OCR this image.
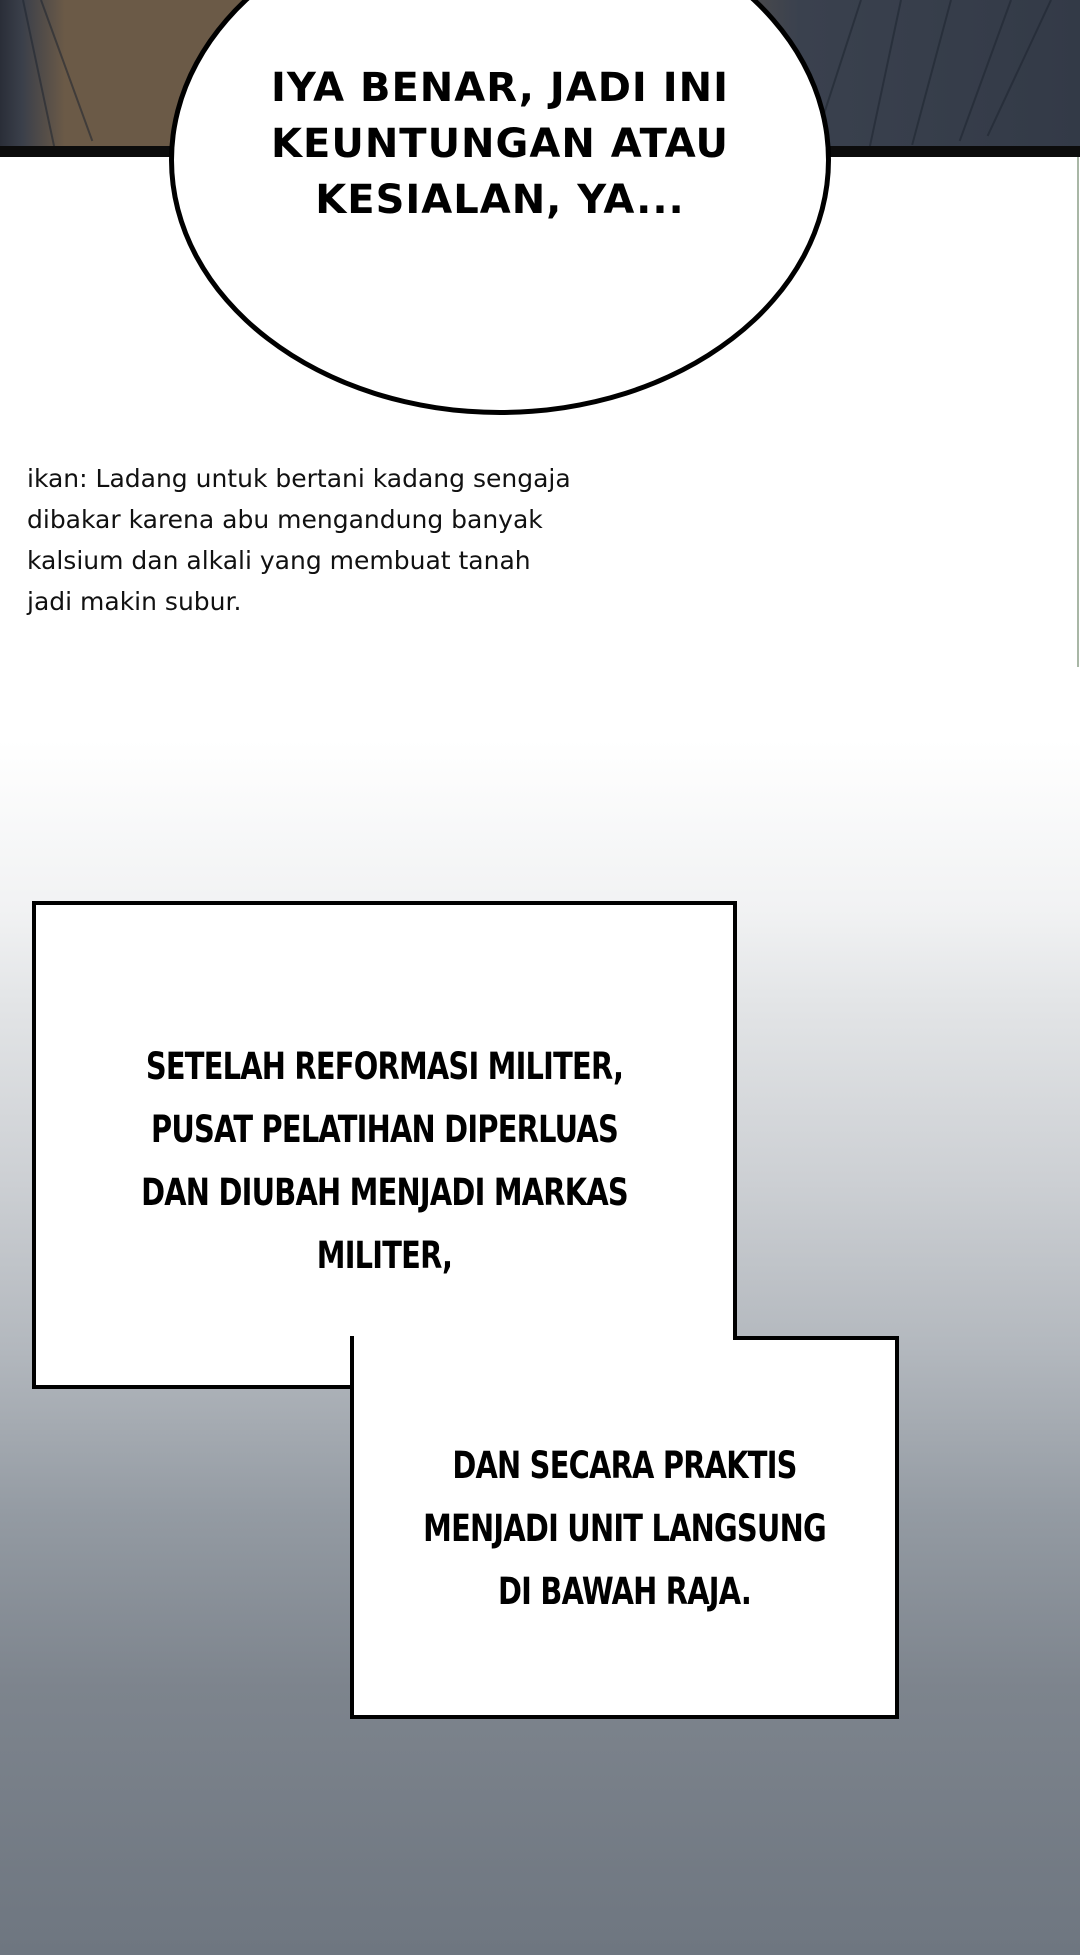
IYA BENAR, JADI INI
KEUNTUNGAN ATAU
KESIALAN, YA...
ikan: Ladang untuk bertani kadang sengaja
dibakar karena abu mengandung banyak
kalsium dan alkali yang membuat tanah
jadi makin subur.
SETELAH REFORMASI MILITER,
PUSAT PELATIHAN DIPERLUAS
DAN DIUBAH MENJADI MARKAS
MILITER,
DAN SECARA PRAKTIS
MENJADI UNIT LANGSUNG
DI BAWAH RAJA.
